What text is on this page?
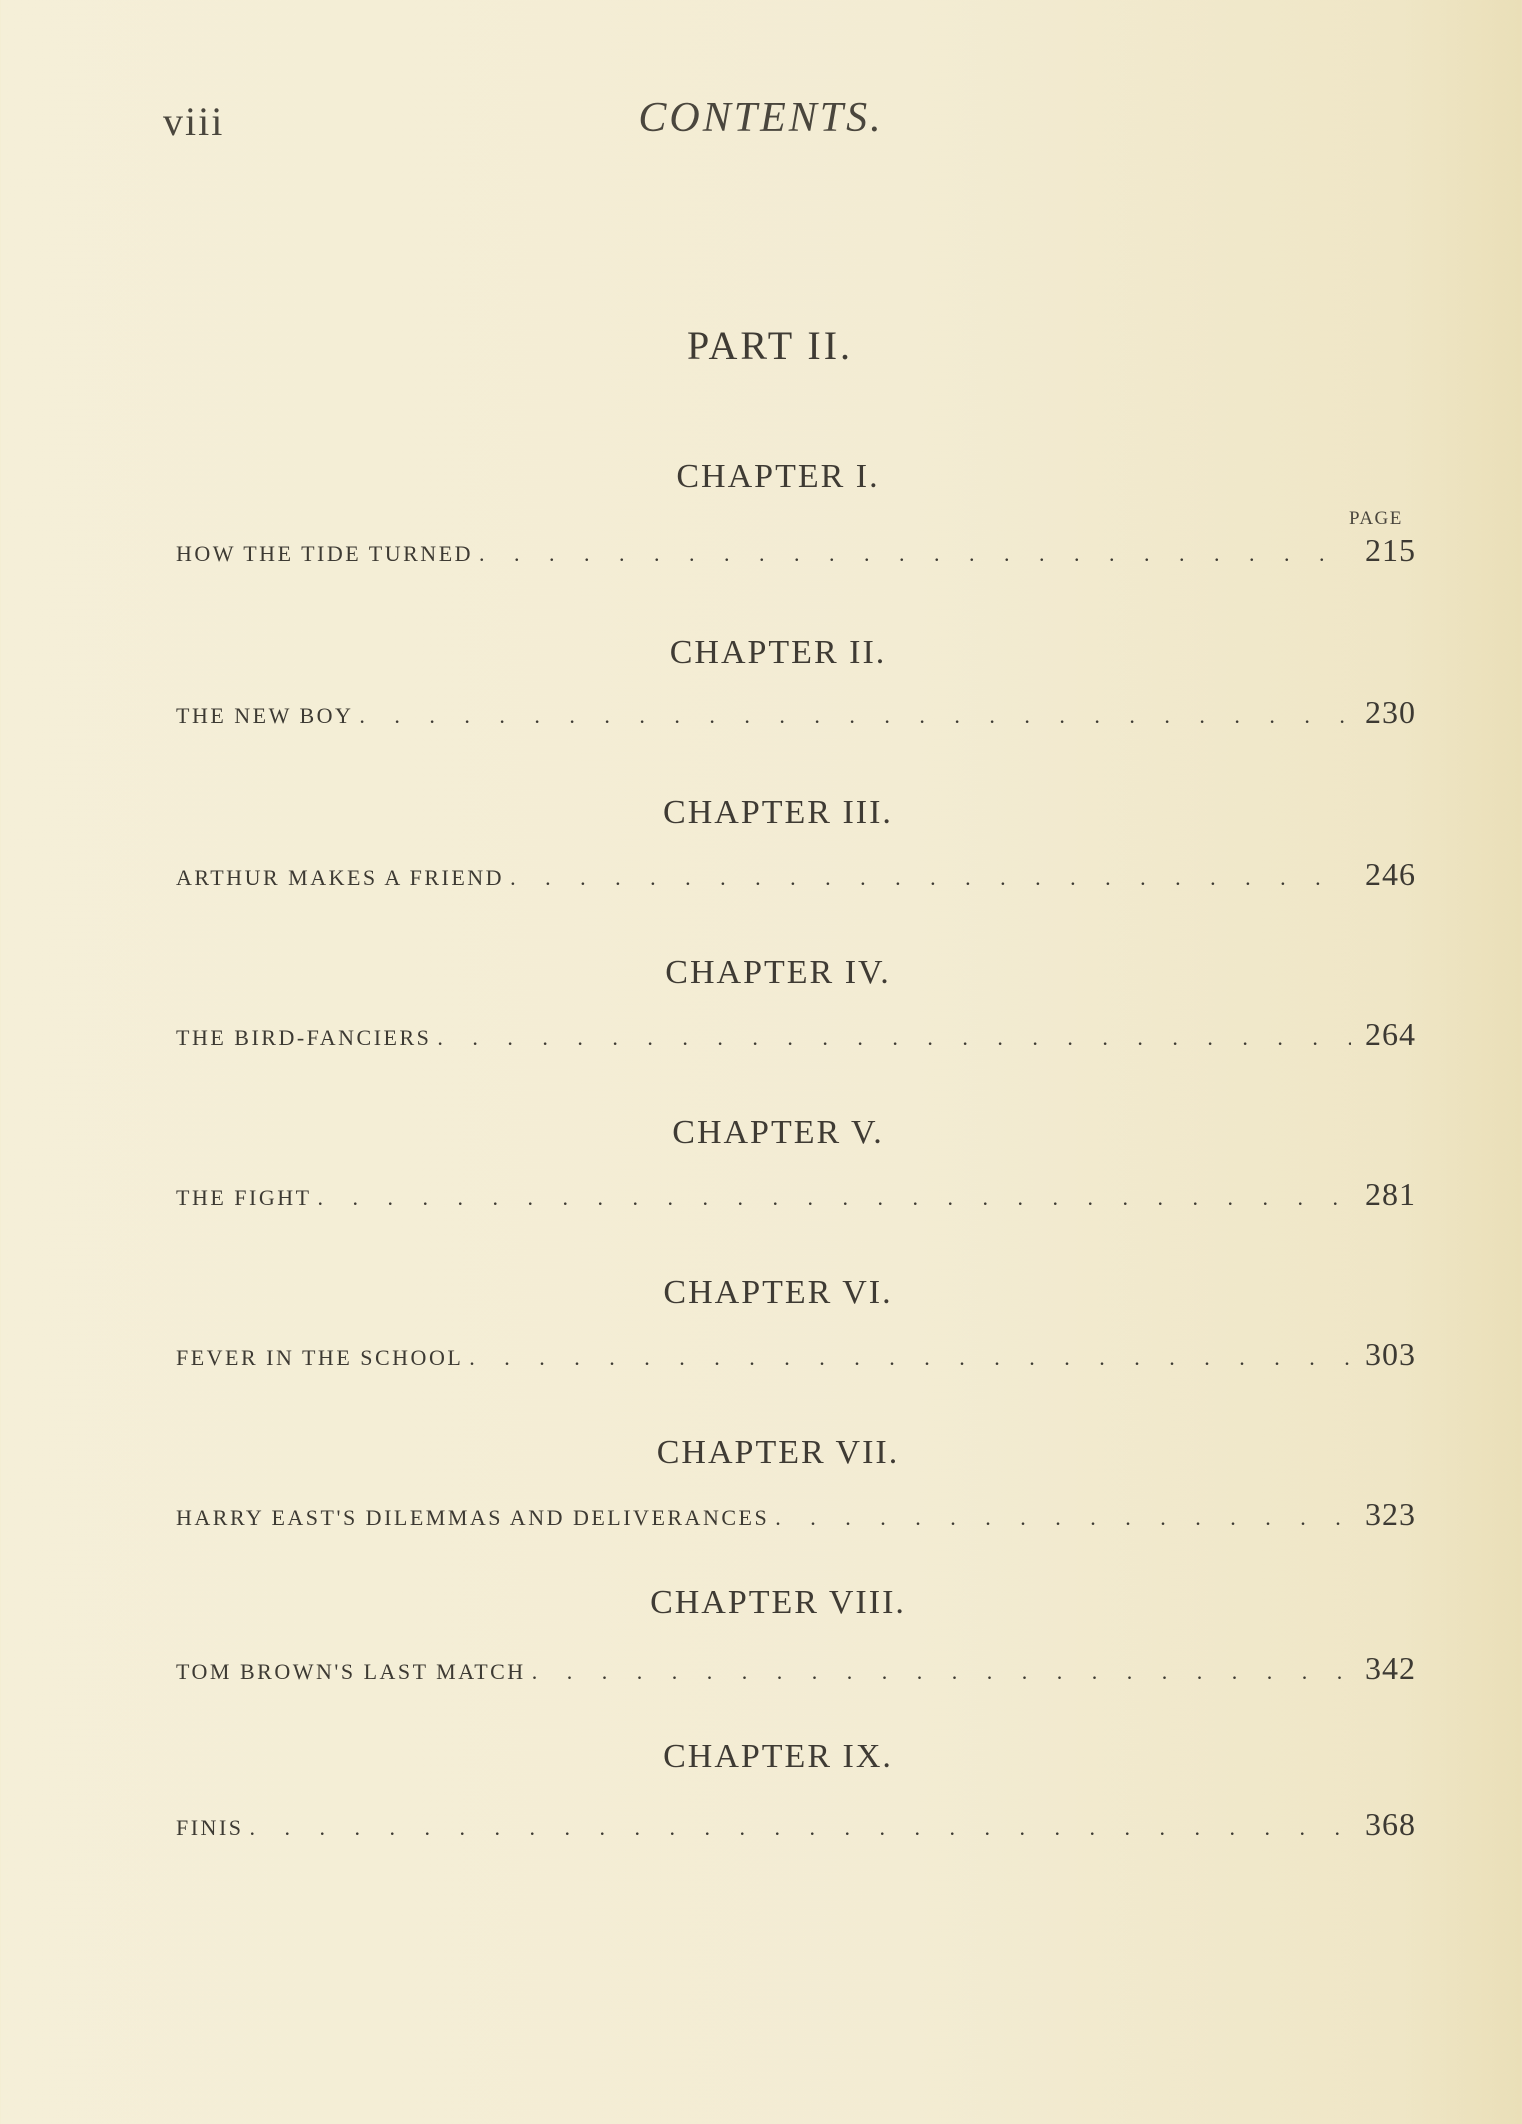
viii	CONTENTS.
PART II.
PAGE
CHAPTER I.
HOW THE TIDE TURNED . . .	215
CHAPTER II.
THE NEW BOY . . .	230
CHAPTER III.
ARTHUR MAKES A FRIEND . . .	246
CHAPTER IV.
THE BIRD-FANCIERS . . .	264
CHAPTER V.
THE FIGHT . . .	281
CHAPTER VI.
FEVER IN THE SCHOOL . . .	303
CHAPTER VII.
HARRY EAST'S DILEMMAS AND DELIVERANCES . . .	323
CHAPTER VIII.
TOM BROWN'S LAST MATCH . . .	342
CHAPTER IX.
FINIS . . .	368
